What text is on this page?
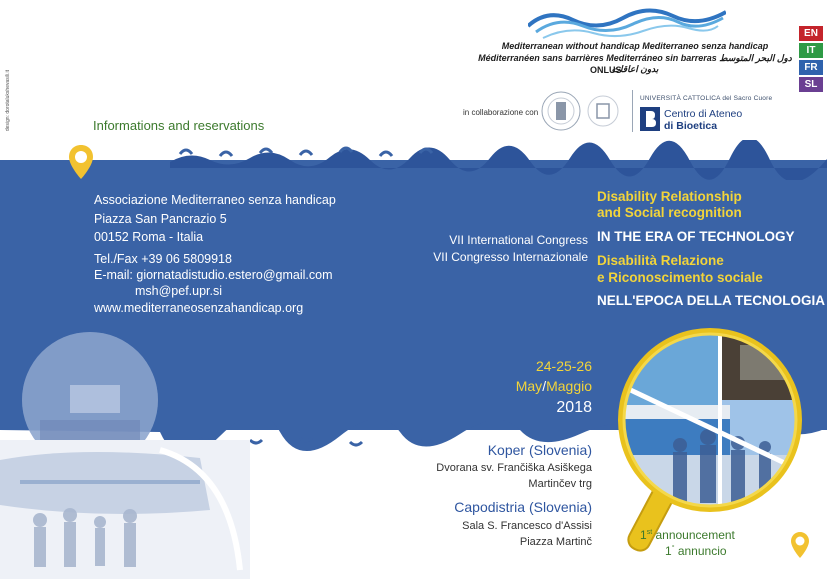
EN
IT
FR
SL
Mediterranean without handicap Mediterraneo senza handicap
Méditerranéen sans barrières Mediterráneo sin barreras دول البحر المتوسط بدون اعاقات
ONLUS
in collaborazione con
UNIVERSITÀ CATTOLICA del Sacro Cuore
Centro di Ateneo
di Bioetica
design: dorotalukshevasili.it	Informations and reservations
Associazione Mediterraneo senza handicap
Piazza San Pancrazio 5
00152 Roma - Italia
Tel./Fax +39 06 5809918
E-mail: giornatadistudio.estero@gmail.com
msh@pef.upr.si
www.mediterraneosenzahandicap.org
VII International Congress
VII Congresso Internazionale
Disability Relationship
and Social recognition
IN THE ERA OF TECHNOLOGY
Disabilità Relazione
e Riconoscimento sociale
NELL'EPOCA DELLA TECNOLOGIA
24-25-26
May/Maggio
2018
Koper (Slovenia)
Dvorana sv. Frančiška Asiškega
Martinčev trg
Capodistria (Slovenia)
Sala S. Francesco d'Assisi
Piazza Martinč	1st announcement
1° annuncio
